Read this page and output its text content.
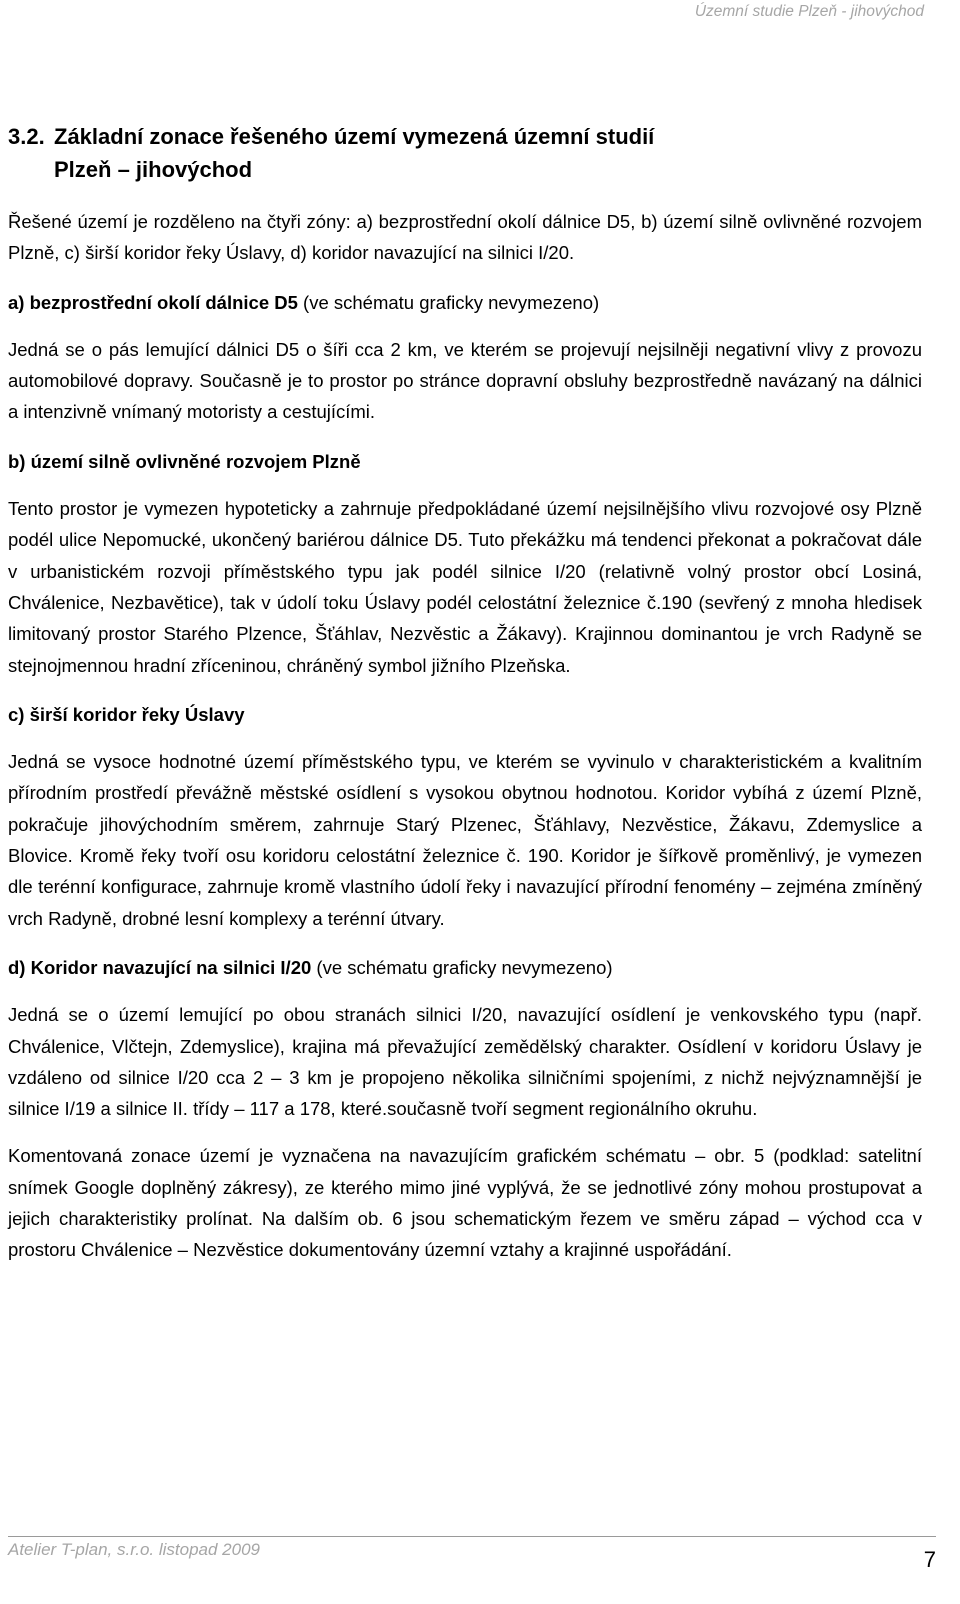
Územní studie Plzeň - jihovýchod
3.2. Základní zonace řešeného území vymezená územní studií
Plzeň – jihovýchod

Řešené území je rozděleno na čtyři zóny: a) bezprostřední okolí dálnice D5, b) území silně ovlivněné rozvojem Plzně, c) širší koridor řeky Úslavy, d) koridor navazující na silnici I/20.

a) bezprostřední okolí dálnice D5 (ve schématu graficky nevymezeno)

Jedná se o pás lemující dálnici D5 o šíři cca 2 km, ve kterém se projevují nejsilněji negativní vlivy z provozu automobilové dopravy. Současně je to prostor po stránce dopravní obsluhy bezprostředně navázaný na dálnici a intenzivně vnímaný motoristy a cestujícími.

b) území silně ovlivněné rozvojem Plzně

Tento prostor je vymezen hypoteticky a zahrnuje předpokládané území nejsilnějšího vlivu rozvojové osy Plzně podél ulice Nepomucké, ukončený bariérou dálnice D5. Tuto překážku má tendenci překonat a pokračovat dále v urbanistickém rozvoji příměstského typu jak podél silnice I/20 (relativně volný prostor obcí Losiná, Chválenice, Nezbavětice), tak v údolí toku Úslavy podél celostátní železnice č.190 (sevřený z mnoha hledisek limitovaný prostor Starého Plzence, Šťáhlav, Nezvěstic a Žákavy). Krajinnou dominantou je vrch Radyně se stejnojmennou hradní zříceninou, chráněný symbol jižního Plzeňska.

c) širší koridor řeky Úslavy

Jedná se vysoce hodnotné území příměstského typu, ve kterém se vyvinulo v charakteristickém a kvalitním přírodním prostředí převážně městské osídlení s vysokou obytnou hodnotou. Koridor vybíhá z území Plzně, pokračuje jihovýchodním směrem, zahrnuje Starý Plzenec, Šťáhlavy, Nezvěstice, Žákavu, Zdemyslice a Blovice. Kromě řeky tvoří osu koridoru celostátní železnice č. 190. Koridor je šířkově proměnlivý, je vymezen dle terénní konfigurace, zahrnuje kromě vlastního údolí řeky i navazující přírodní fenomény – zejména zmíněný vrch Radyně, drobné lesní komplexy a terénní útvary.

d) Koridor navazující na silnici I/20 (ve schématu graficky nevymezeno)

Jedná se o území lemující po obou stranách silnici I/20, navazující osídlení je venkovského typu (např. Chválenice, Vlčtejn, Zdemyslice), krajina má převažující zemědělský charakter. Osídlení v koridoru Úslavy je vzdáleno od silnice I/20 cca 2 – 3 km je propojeno několika silničními spojeními, z nichž nejvýznamnější je silnice I/19 a silnice II. třídy – 117 a 178, které.současně tvoří segment regionálního okruhu.

Komentovaná zonace území je vyznačena na navazujícím grafickém schématu – obr. 5 (podklad: satelitní snímek Google doplněný zákresy), ze kterého mimo jiné vyplývá, že se jednotlivé zóny mohou prostupovat a jejich charakteristiky prolínat. Na dalším ob. 6 jsou schematickým řezem ve směru západ – východ cca v prostoru Chválenice – Nezvěstice dokumentovány územní vztahy a krajinné uspořádání.

Atelier T-plan, s.r.o. listopad 2009	7
